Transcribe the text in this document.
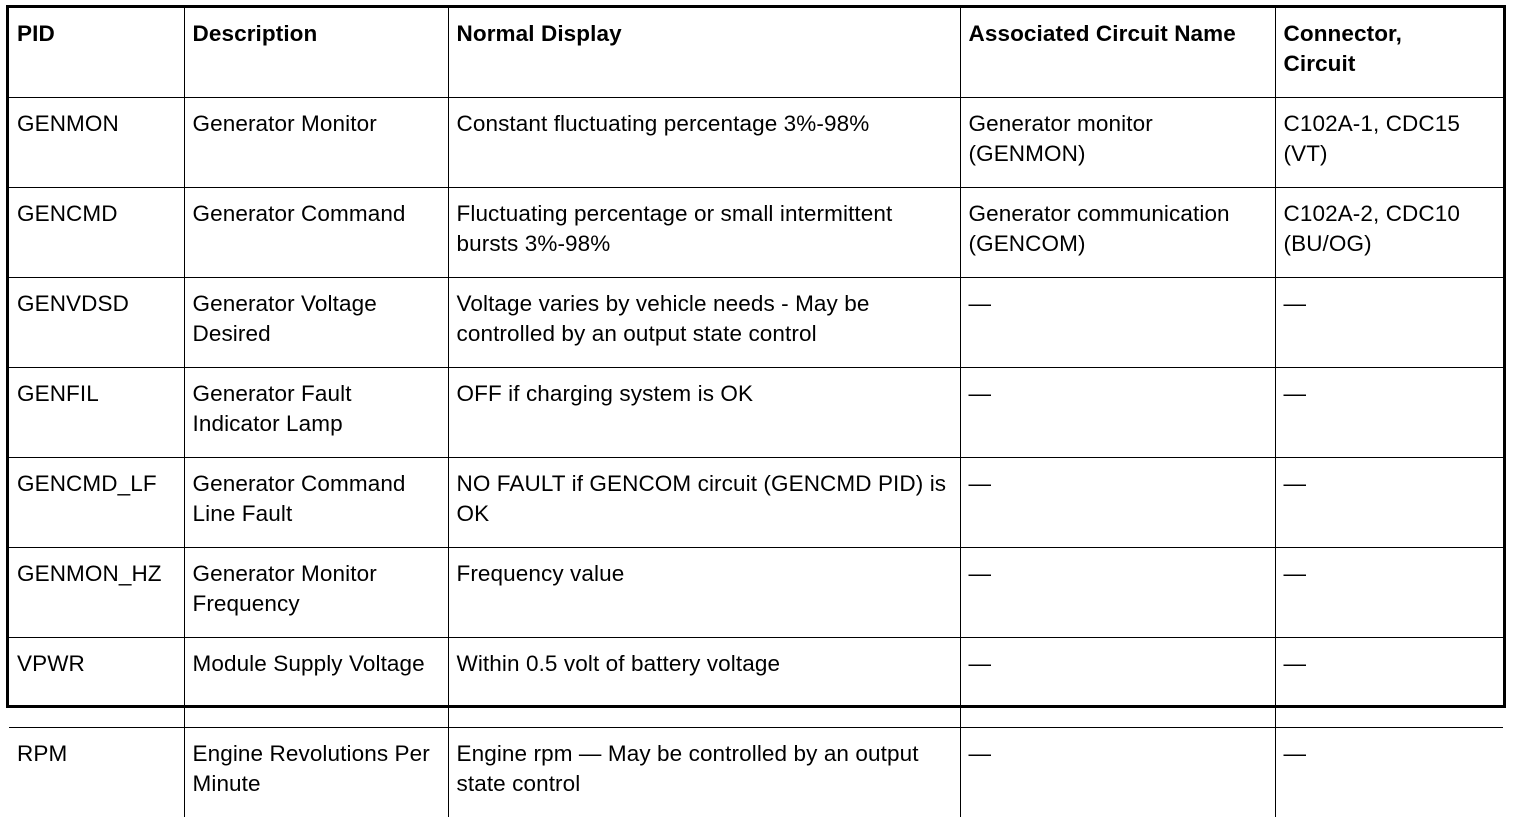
PID	Description	Normal Display	Associated Circuit Name	Connector,
Circuit
GENMON	Generator Monitor	Constant fluctuating percentage 3%-98%	Generator monitor (GENMON)	C102A-1, CDC15 (VT)
GENCMD	Generator Command	Fluctuating percentage or small intermittent bursts 3%-98%	Generator communication (GENCOM)	C102A-2, CDC10 (BU/OG)
GENVDSD	Generator Voltage Desired	Voltage varies by vehicle needs - May be controlled by an output state control	—	—
GENFIL	Generator Fault Indicator Lamp	OFF if charging system is OK	—	—
GENCMD_LF	Generator Command Line Fault	NO FAULT if GENCOM circuit (GENCMD PID) is OK	—	—
GENMON_HZ	Generator Monitor Frequency	Frequency value	—	—
VPWR	Module Supply Voltage	Within 0.5 volt of battery voltage	—	—
RPM	Engine Revolutions Per Minute	Engine rpm — May be controlled by an output state control	—	—
